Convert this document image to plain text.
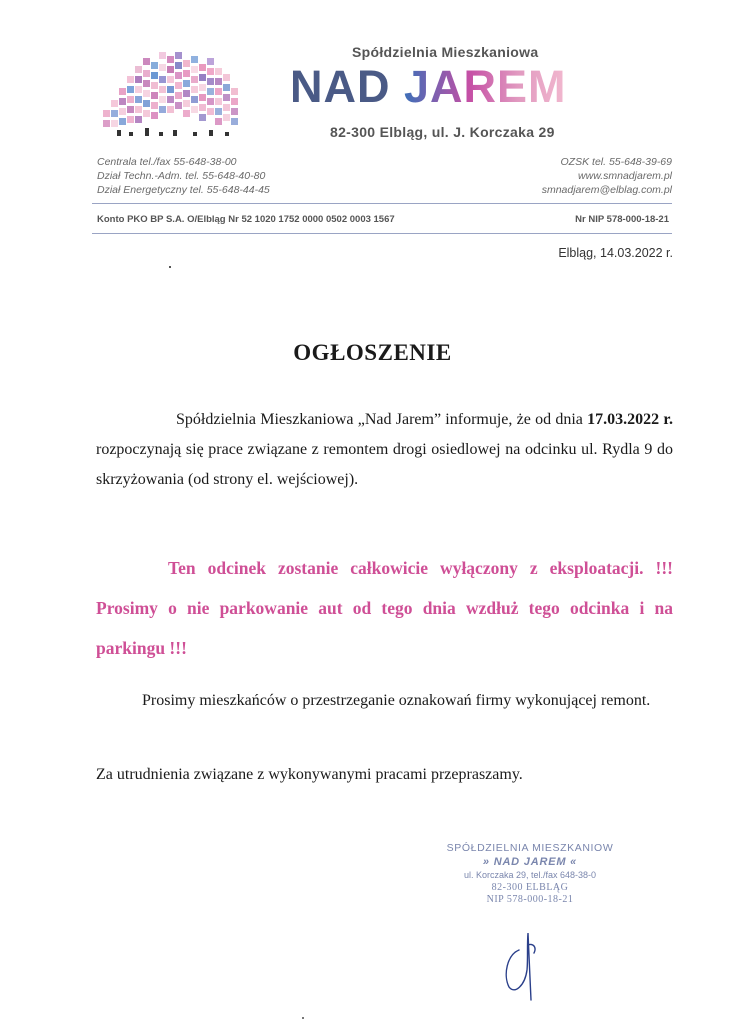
Spółdzielnia Mieszkaniowa
NAD JAREM
82-300 Elbląg, ul. J. Korczaka 29
Centrala tel./fax 55-648-38-00
Dział Techn.-Adm. tel. 55-648-40-80
Dział Energetyczny tel. 55-648-44-45
OZSK tel. 55-648-39-69
www.smnadjarem.pl
smnadjarem@elblag.com.pl
Konto PKO BP S.A. O/Elbląg Nr 52 1020 1752 0000 0502 0003 1567	Nr NIP 578-000-18-21
Elbląg, 14.03.2022 r.
OGŁOSZENIE
Spółdzielnia Mieszkaniowa „Nad Jarem” informuje, że od dnia 17.03.2022 r. rozpoczynają się prace związane z remontem drogi osiedlowej na odcinku ul. Rydla 9 do skrzyżowania (od strony el. wejściowej).
Ten odcinek zostanie całkowicie wyłączony z eksploatacji. !!! Prosimy o nie parkowanie aut od tego dnia wzdłuż tego odcinka i na parkingu !!!
Prosimy mieszkańców o przestrzeganie oznakowań firmy wykonującej remont.
Za utrudnienia związane z wykonywanymi pracami przepraszamy.
SPÓŁDZIELNIA MIESZKANIOW
» NAD JAREM «
ul. Korczaka 29, tel./fax 648-38-0
82-300 ELBLĄG
NIP 578-000-18-21
